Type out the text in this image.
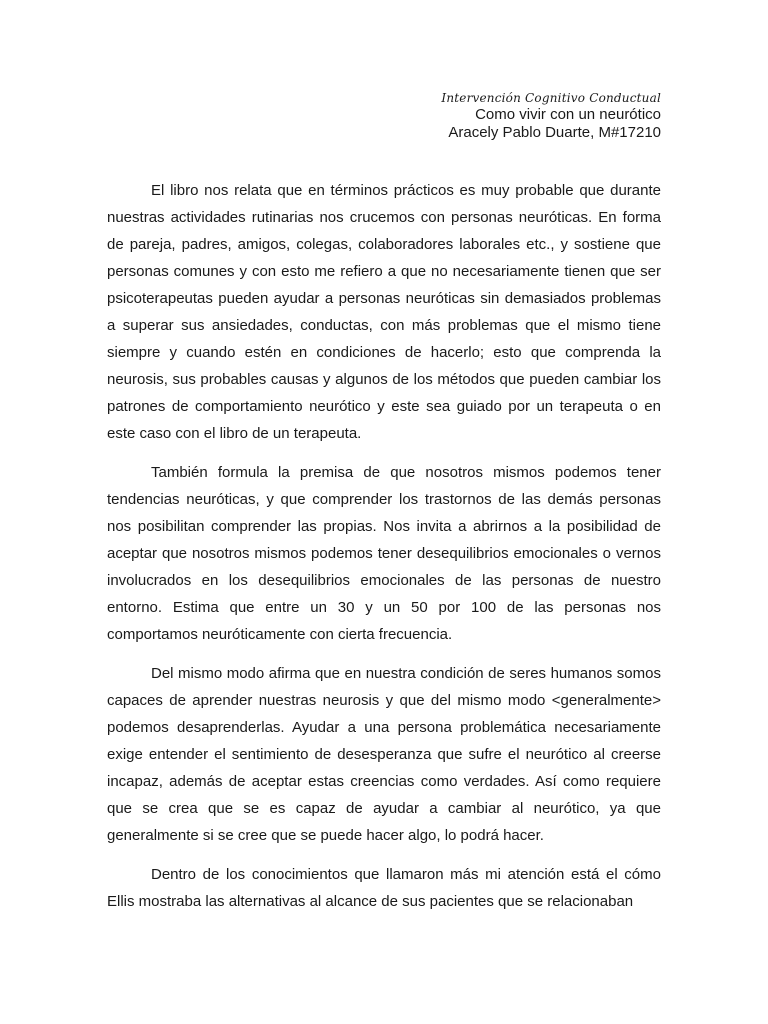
Intervención Cognitivo Conductual
Como vivir con un neurótico
Aracely Pablo Duarte, M#17210

El libro nos relata que en términos prácticos es muy probable que durante nuestras actividades rutinarias nos crucemos con personas neuróticas. En forma de pareja, padres, amigos, colegas, colaboradores laborales etc., y sostiene que personas comunes y con esto me refiero a que no necesariamente tienen que ser psicoterapeutas pueden ayudar a personas neuróticas sin demasiados problemas a superar sus ansiedades, conductas, con más problemas que el mismo tiene siempre y cuando estén en condiciones de hacerlo; esto que comprenda la neurosis, sus probables causas y algunos de los métodos que pueden cambiar los patrones de comportamiento neurótico y este sea guiado por un terapeuta o en este caso con el libro de un terapeuta.

También formula la premisa de que nosotros mismos podemos tener tendencias neuróticas, y que comprender los trastornos de las demás personas nos posibilitan comprender las propias. Nos invita a abrirnos a la posibilidad de aceptar que nosotros mismos podemos tener desequilibrios emocionales o vernos involucrados en los desequilibrios emocionales de las personas de nuestro entorno. Estima que entre un 30 y un 50 por 100 de las personas nos comportamos neuróticamente con cierta frecuencia.

Del mismo modo afirma que en nuestra condición de seres humanos somos capaces de aprender nuestras neurosis y que del mismo modo <generalmente> podemos desaprenderlas. Ayudar a una persona problemática necesariamente exige entender el sentimiento de desesperanza que sufre el neurótico al creerse incapaz, además de aceptar estas creencias como verdades. Así como requiere que se crea que se es capaz de ayudar a cambiar al neurótico, ya que generalmente si se cree que se puede hacer algo, lo podrá hacer.

Dentro de los conocimientos que llamaron más mi atención está el cómo Ellis mostraba las alternativas al alcance de sus pacientes que se relacionaban
